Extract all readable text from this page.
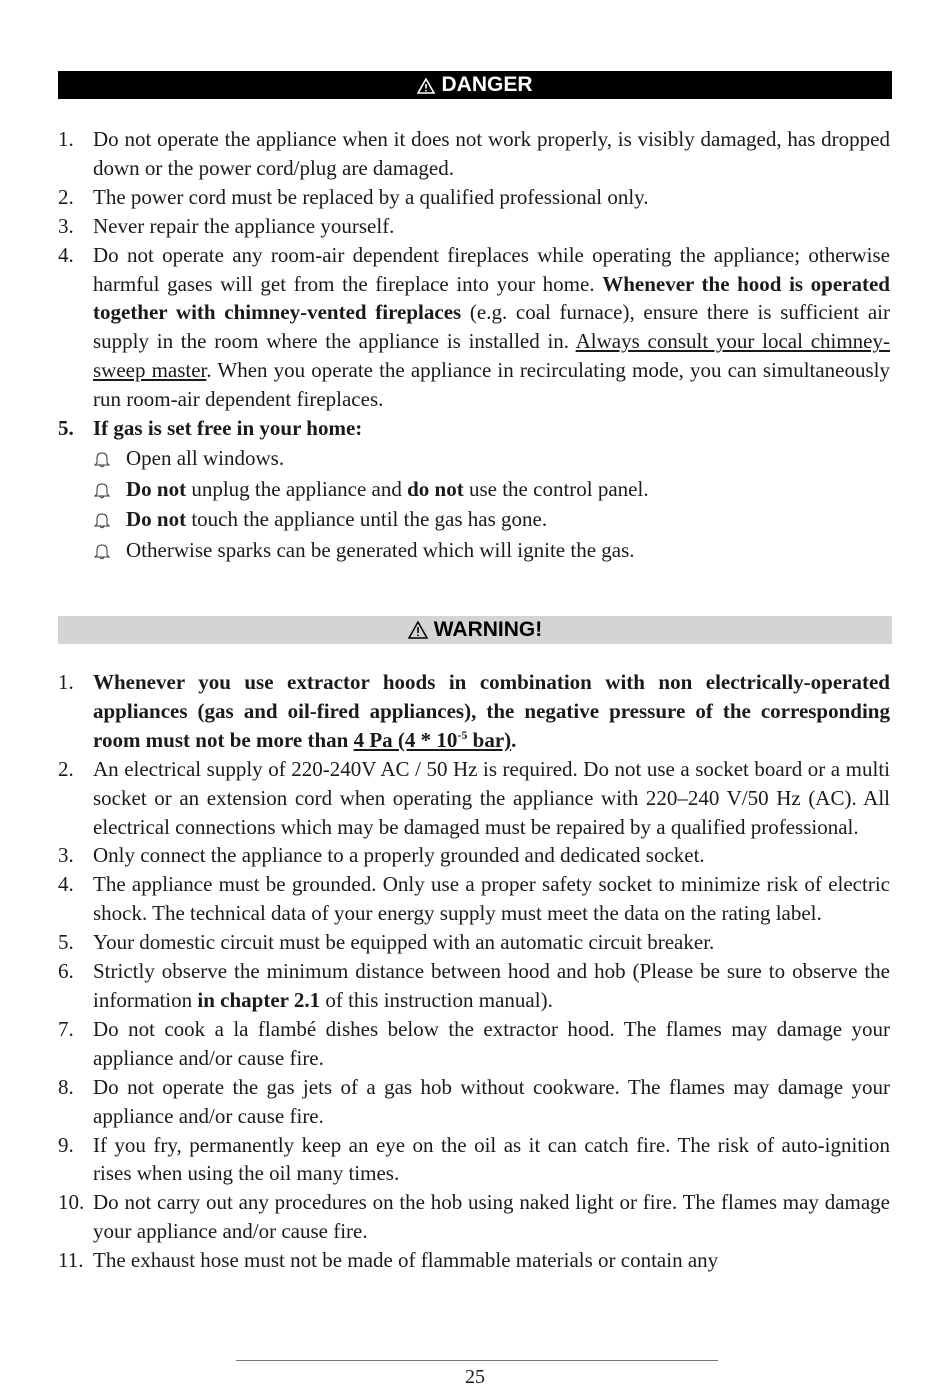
DANGER
1. Do not operate the appliance when it does not work properly, is visibly damaged, has dropped down or the power cord/plug are damaged.
2. The power cord must be replaced by a qualified professional only.
3. Never repair the appliance yourself.
4. Do not operate any room-air dependent fireplaces while operating the appliance; otherwise harmful gases will get from the fireplace into your home. Whenever the hood is operated together with chimney-vented fireplaces (e.g. coal furnace), ensure there is sufficient air supply in the room where the appliance is installed in. Always consult your local chimney-sweep master. When you operate the appliance in recirculating mode, you can simultaneously run room-air dependent fireplaces.
5. If gas is set free in your home:
Open all windows.
Do not unplug the appliance and do not use the control panel.
Do not touch the appliance until the gas has gone.
Otherwise sparks can be generated which will ignite the gas.
WARNING!
1. Whenever you use extractor hoods in combination with non electrically-operated appliances (gas and oil-fired appliances), the negative pressure of the corresponding room must not be more than 4 Pa ($4 * 10^{-5}$ bar).
2. An electrical supply of 220-240V AC / 50 Hz is required. Do not use a socket board or a multi socket or an extension cord when operating the appliance with 220–240 V/50 Hz (AC). All electrical connections which may be damaged must be repaired by a qualified professional.
3. Only connect the appliance to a properly grounded and dedicated socket.
4. The appliance must be grounded. Only use a proper safety socket to minimize risk of electric shock. The technical data of your energy supply must meet the data on the rating label.
5. Your domestic circuit must be equipped with an automatic circuit breaker.
6. Strictly observe the minimum distance between hood and hob (Please be sure to observe the information in chapter 2.1 of this instruction manual).
7. Do not cook a la flambé dishes below the extractor hood. The flames may damage your appliance and/or cause fire.
8. Do not operate the gas jets of a gas hob without cookware. The flames may damage your appliance and/or cause fire.
9. If you fry, permanently keep an eye on the oil as it can catch fire. The risk of auto-ignition rises when using the oil many times.
10. Do not carry out any procedures on the hob using naked light or fire. The flames may damage your appliance and/or cause fire.
11. The exhaust hose must not be made of flammable materials or contain any
25
